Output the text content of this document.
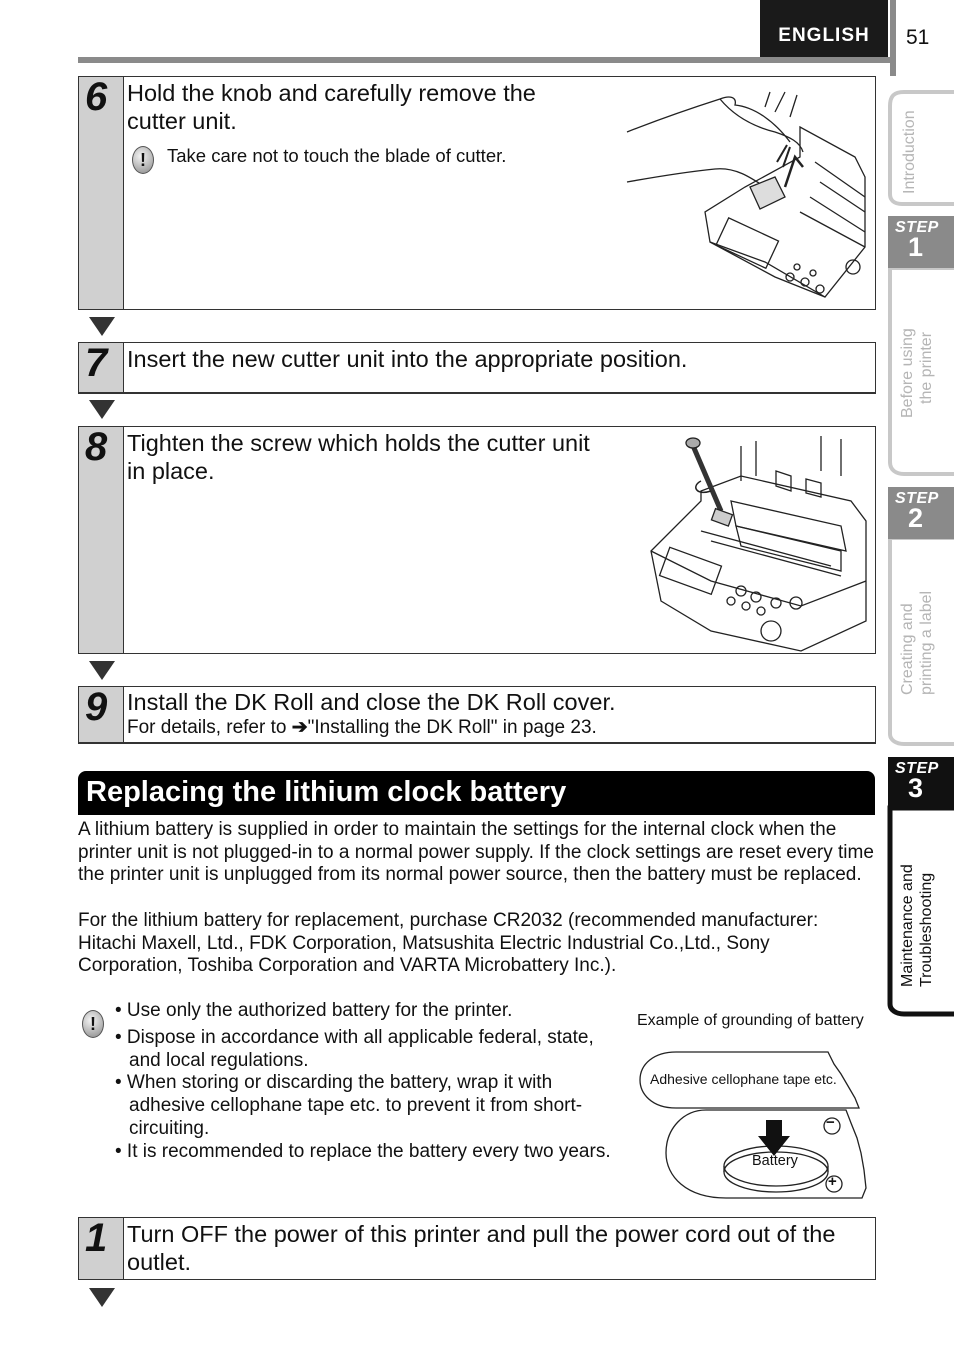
ENGLISH	51
6 Hold the knob and carefully remove the cutter unit.
!	Take care not to touch the blade of cutter.
7 Insert the new cutter unit into the appropriate position.
8 Tighten the screw which holds the cutter unit in place.
9 Install the DK Roll and close the DK Roll cover.
For details, refer to ➔"Installing the DK Roll" in page 23.
Replacing the lithium clock battery
A lithium battery is supplied in order to maintain the settings for the internal clock when the printer unit is not plugged-in to a normal power supply. If the clock settings are reset every time the printer unit is unplugged from its normal power source, then the battery must be replaced.
For the lithium battery for replacement, purchase CR2032 (recommended manufacturer: Hitachi Maxell, Ltd., FDK Corporation, Matsushita Electric Industrial Co.,Ltd., Sony Corporation, Toshiba Corporation and VARTA Microbattery Inc.).
!
• Use only the authorized battery for the printer.
• Dispose in accordance with all applicable federal, state, and local regulations.
• When storing or discarding the battery, wrap it with adhesive cellophane tape etc. to prevent it from short-circuiting.
• It is recommended to replace the battery every two years.
Example of grounding of battery
Adhesive cellophane tape etc.
Battery
−
+
1 Turn OFF the power of this printer and pull the power cord out of the outlet.
Introduction
STEP
1
Before using the printer
STEP
2
Creating and printing a label
STEP
3
Maintenance and Troubleshooting
